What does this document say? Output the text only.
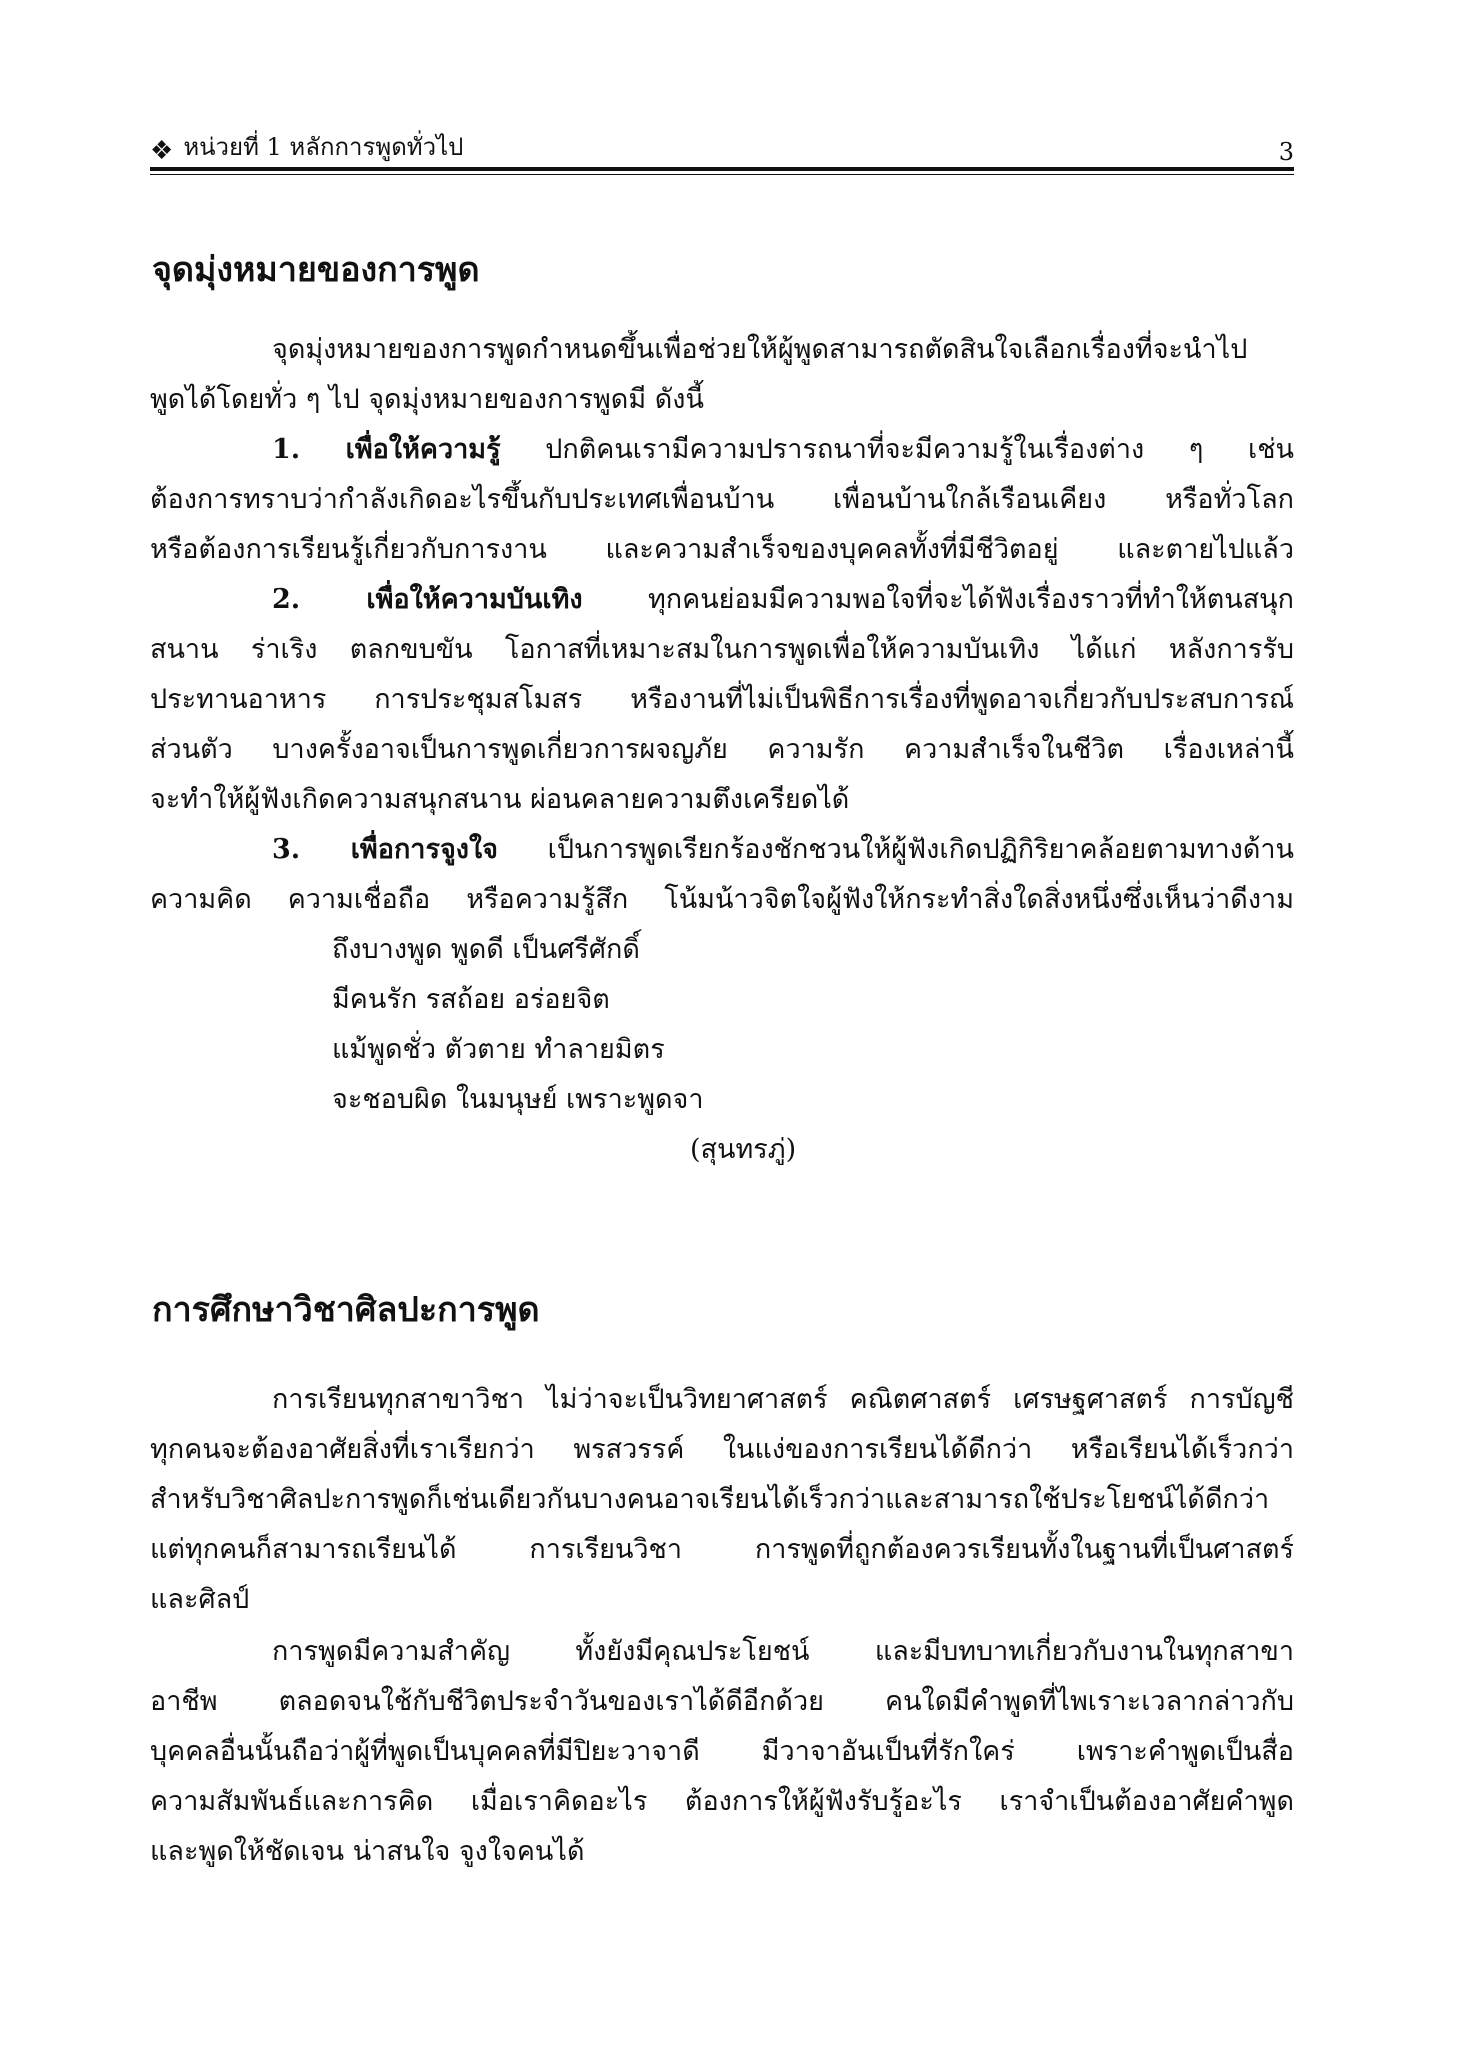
❖ หน่วยที่ 1 หลักการพูดทั่วไป	3
จุดมุ่งหมายของการพูด

จุดมุ่งหมายของการพูดกำหนดขึ้นเพื่อช่วยให้ผู้พูดสามารถตัดสินใจเลือกเรื่องที่จะนำไป

พูดได้โดยทั่ว ๆ ไป จุดมุ่งหมายของการพูดมี ดังนี้

1. เพื่อให้ความรู้ ปกติคนเรามีความปรารถนาที่จะมีความรู้ในเรื่องต่าง ๆ เช่น

ต้องการทราบว่ากำลังเกิดอะไรขึ้นกับประเทศเพื่อนบ้าน เพื่อนบ้านใกล้เรือนเคียง หรือทั่วโลก

หรือต้องการเรียนรู้เกี่ยวกับการงาน และความสำเร็จของบุคคลทั้งที่มีชีวิตอยู่ และตายไปแล้ว

2. เพื่อให้ความบันเทิง ทุกคนย่อมมีความพอใจที่จะได้ฟังเรื่องราวที่ทำให้ตนสนุก

สนาน ร่าเริง ตลกขบขัน โอกาสที่เหมาะสมในการพูดเพื่อให้ความบันเทิง ได้แก่ หลังการรับ

ประทานอาหาร การประชุมสโมสร หรืองานที่ไม่เป็นพิธีการเรื่องที่พูดอาจเกี่ยวกับประสบการณ์

ส่วนตัว บางครั้งอาจเป็นการพูดเกี่ยวการผจญภัย ความรัก ความสำเร็จในชีวิต เรื่องเหล่านี้

จะทำให้ผู้ฟังเกิดความสนุกสนาน ผ่อนคลายความตึงเครียดได้

3. เพื่อการจูงใจ เป็นการพูดเรียกร้องชักชวนให้ผู้ฟังเกิดปฏิกิริยาคล้อยตามทางด้าน

ความคิด ความเชื่อถือ หรือความรู้สึก โน้มน้าวจิตใจผู้ฟังให้กระทำสิ่งใดสิ่งหนึ่งซึ่งเห็นว่าดีงาม

ถึงบางพูด พูดดี เป็นศรีศักดิ์

มีคนรัก รสถ้อย อร่อยจิต

แม้พูดชั่ว ตัวตาย ทำลายมิตร

จะชอบผิด ในมนุษย์ เพราะพูดจา

(สุนทรภู่)

การศึกษาวิชาศิลปะการพูด

การเรียนทุกสาขาวิชา ไม่ว่าจะเป็นวิทยาศาสตร์ คณิตศาสตร์ เศรษฐศาสตร์ การบัญชี

ทุกคนจะต้องอาศัยสิ่งที่เราเรียกว่า พรสวรรค์ ในแง่ของการเรียนได้ดีกว่า หรือเรียนได้เร็วกว่า

สำหรับวิชาศิลปะการพูดก็เช่นเดียวกันบางคนอาจเรียนได้เร็วกว่าและสามารถใช้ประโยชน์ได้ดีกว่า

แต่ทุกคนก็สามารถเรียนได้ การเรียนวิชา การพูดที่ถูกต้องควรเรียนทั้งในฐานที่เป็นศาสตร์

และศิลป์

การพูดมีความสำคัญ ทั้งยังมีคุณประโยชน์ และมีบทบาทเกี่ยวกับงานในทุกสาขา

อาชีพ ตลอดจนใช้กับชีวิตประจำวันของเราได้ดีอีกด้วย คนใดมีคำพูดที่ไพเราะเวลากล่าวกับ

บุคคลอื่นนั้นถือว่าผู้ที่พูดเป็นบุคคลที่มีปิยะวาจาดี มีวาจาอันเป็นที่รักใคร่ เพราะคำพูดเป็นสื่อ

ความสัมพันธ์และการคิด เมื่อเราคิดอะไร ต้องการให้ผู้ฟังรับรู้อะไร เราจำเป็นต้องอาศัยคำพูด

และพูดให้ชัดเจน น่าสนใจ จูงใจคนได้
